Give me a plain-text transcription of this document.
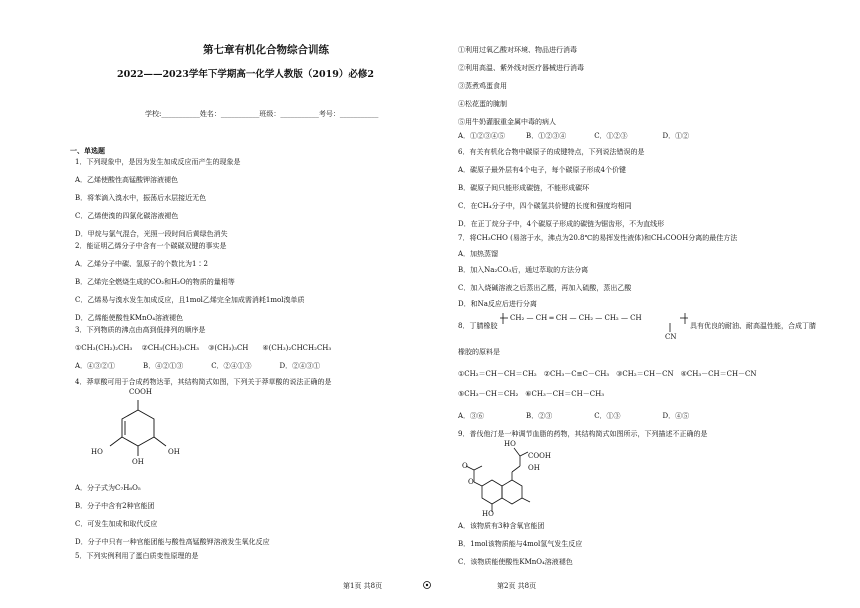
第七章有机化合物综合训练
2022——2023学年下学期高一化学人教版（2019）必修2
学校:___________姓名：___________班级：___________考号：___________
一、单选题
1．下列现象中，是因为发生加成反应而产生的现象是
A．乙烯使酸性高锰酸钾溶液褪色
B．将苯滴入溴水中，振荡后水层接近无色
C．乙烯使溴的四氯化碳溶液褪色
D．甲烷与氯气混合，光照一段时间后黄绿色消失
2．能证明乙烯分子中含有一个碳碳双键的事实是
A．乙烯分子中碳、氢原子的个数比为1∶2
B．乙烯完全燃烧生成的CO₂和H₂O的物质的量相等
C．乙烯易与溴水发生加成反应，且1mol乙烯完全加成需消耗1mol溴单质
D．乙烯能使酸性KMnO₄溶液褪色
3．下列物质的沸点由高到低排列的顺序是
①CH₃(CH₂)₂CH₃　 ②CH₃(CH₂)₃CH₃　 ③(CH₃)₃CH　　④(CH₃)₂CHCH₂CH₃
A．④③②①　　　　B．④②①③　　　　C．②④①③　　　　D．②④③①
4．莽草酸可用于合成药物达菲，其结构简式如图，下列关于莽草酸的说法正确的是
COOH
HO	OH
OH
A．分子式为C₇H₆O₅
B．分子中含有2种官能团
C．可发生加成和取代反应
D．分子中只有一种官能团能与酸性高锰酸钾溶液发生氧化反应
5．下列实例利用了蛋白质变性原理的是
①利用过氧乙酸对环境、物品进行消毒
②利用高温、紫外线对医疗器械进行消毒
③蒸煮鸡蛋食用
④松花蛋的腌制
⑤用牛奶灌服重金属中毒的病人
A．①②③④⑤　　　B．①②③④　　　　C．①②③　　　　　D．①②
6．有关有机化合物中碳原子的成键特点，下列说法错误的是
A．碳原子最外层有4个电子，每个碳原子形成4个价键
B．碳原子间只能形成碳链，不能形成碳环
C．在CH₄分子中，四个碳氢共价键的长度和强度均相同
D．在正丁烷分子中，4个碳原子形成的碳链为锯齿形，不为直线形
7．将CH₃CHO (易溶于水，沸点为20.8℃的易挥发性液体)和CH₃COOH分离的最佳方法
A．加热蒸馏
B．加入Na₂CO₃后，通过萃取的方法分离
C．加入烧碱溶液之后蒸出乙醛，再加入硫酸，蒸出乙酸
D．和Na反应后进行分离
CH₂ — CH ═ CH — CH₂ — CH₂ — CH
CN
8．丁腈橡胶	具有优良的耐油、耐高温性能，合成丁腈
橡胶的原料是
①CH₂＝CH－CH＝CH₂　②CH₃－C≡C－CH₃　③CH₂＝CH－CN　④CH₃－CH＝CH－CN
⑤CH₃－CH＝CH₂　⑥CH₃－CH＝CH－CH₃
A．③⑥　　　　　　B．②③　　　　　　C．①③　　　　　　D．④⑤
9．普伐他汀是一种调节血脂的药物，其结构简式如图所示，下列描述不正确的是
HO
COOH
OH
O
O
HO
A．该物质有3种含氧官能团
B．1mol该物质能与4mol氢气发生反应
C．该物质能使酸性KMnO₄溶液褪色
第1页 共8页	第2页 共8页
